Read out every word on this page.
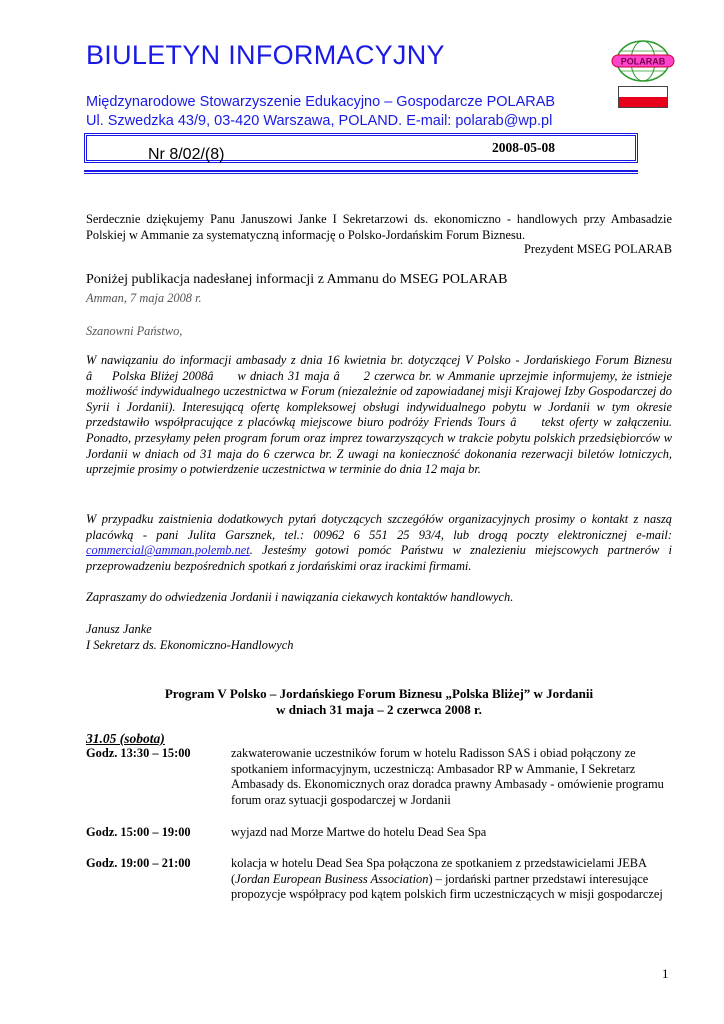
BIULETYN INFORMACYJNY	POLARAB
Międzynarodowe Stowarzyszenie Edukacyjno – Gospodarcze POLARAB
Ul. Szwedzka 43/9, 03-420 Warszawa, POLAND. E-mail: polarab@wp.pl
Nr 8/02/(8)	2008-05-08
Serdecznie dziękujemy Panu Januszowi Janke I Sekretarzowi ds. ekonomiczno - handlowych przy Ambasadzie Polskiej w Ammanie za systematyczną informację o Polsko-Jordańskim Forum Biznesu.
Prezydent MSEG POLARAB
Poniżej publikacja nadesłanej informacji z Ammanu do MSEG POLARAB
Amman, 7 maja 2008 r.
Szanowni Państwo,
W nawiązaniu do informacji ambasady z dnia 16 kwietnia br. dotyczącej V Polsko - Jordańskiego Forum Biznesu âPolska Bliżej 2008â w dniach 31 maja â 2 czerwca br. w Ammanie uprzejmie informujemy, że istnieje możliwość indywidualnego uczestnictwa w Forum (niezależnie od zapowiadanej misji Krajowej Izby Gospodarczej do Syrii i Jordanii). Interesującą ofertę kompleksowej obsługi indywidualnego pobytu w Jordanii w tym okresie przedstawiło współpracujące z placówką miejscowe biuro podróży Friends Tours â tekst oferty w załączeniu. Ponadto, przesyłamy pełen program forum oraz imprez towarzyszących w trakcie pobytu polskich przedsiębiorców w Jordanii w dniach od 31 maja do 6 czerwca br. Z uwagi na konieczność dokonania rezerwacji biletów lotniczych, uprzejmie prosimy o potwierdzenie uczestnictwa w terminie do dnia 12 maja br.
W przypadku zaistnienia dodatkowych pytań dotyczących szczegółów organizacyjnych prosimy o kontakt z naszą placówką - pani Julita Garsznek, tel.: 00962 6 551 25 93/4, lub drogą poczty elektronicznej e-mail: commercial@amman.polemb.net. Jesteśmy gotowi pomóc Państwu w znalezieniu miejscowych partnerów i przeprowadzeniu bezpośrednich spotkań z jordańskimi oraz irackimi firmami.
Zapraszamy do odwiedzenia Jordanii i nawiązania ciekawych kontaktów handlowych.
Janusz Janke
I Sekretarz ds. Ekonomiczno-Handlowych
Program V Polsko – Jordańskiego Forum Biznesu „Polska Bliżej” w Jordanii
w dniach 31 maja – 2 czerwca 2008 r.
31.05 (sobota)
Godz. 13:30 – 15:00	zakwaterowanie uczestników forum w hotelu Radisson SAS i obiad połączony ze spotkaniem informacyjnym, uczestniczą: Ambasador RP w Ammanie, I Sekretarz Ambasady ds. Ekonomicznych oraz doradca prawny Ambasady - omówienie programu forum oraz sytuacji gospodarczej w Jordanii
Godz. 15:00 – 19:00	wyjazd nad Morze Martwe do hotelu Dead Sea Spa
Godz. 19:00 – 21:00	kolacja w hotelu Dead Sea Spa połączona ze spotkaniem z przedstawicielami JEBA (Jordan European Business Association) – jordański partner przedstawi interesujące propozycje współpracy pod kątem polskich firm uczestniczących w misji gospodarczej
1
